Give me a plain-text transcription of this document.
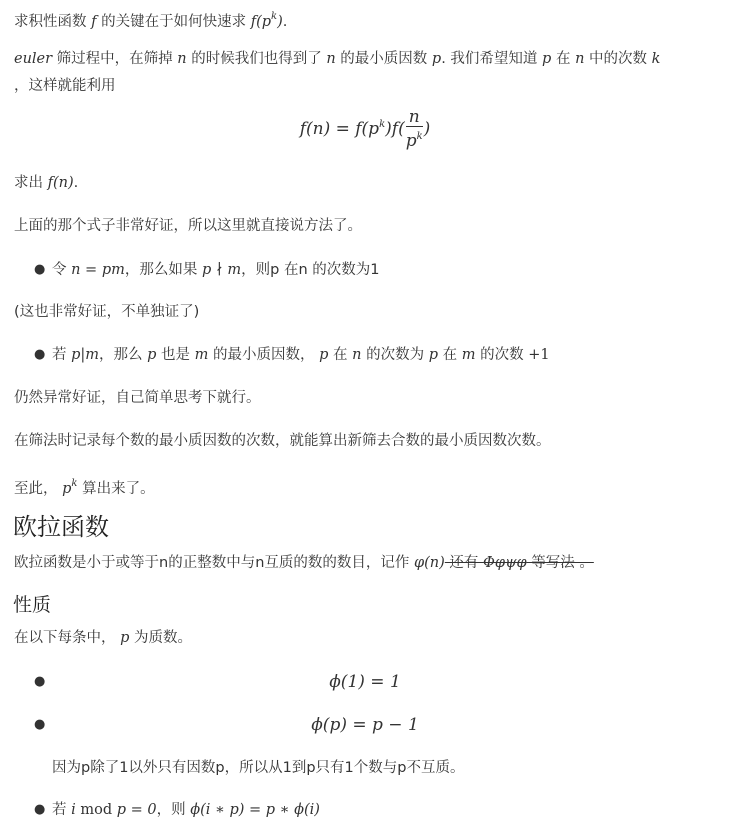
求积性函数 f 的关键在于如何快速求 $f(p^k)$.
euler 筛过程中，在筛掉 n 的时候我们也得到了 n 的最小质因数 p. 我们希望知道 p 在 n 中的次数 k
，这样就能利用
$f(n) = f(p^k)f( \frac{n}{p^k}$ )
求出 f(n).
上面的那个式子非常好证，所以这里就直接说方法了。
● 令 n = pm，那么如果 p ∤ m，则p 在n 的次数为1
(这也非常好证，不单独证了)
● 若 p|m，那么 p 也是 m 的最小质因数， p 在 n 的次数为 p 在 m 的次数 +1
仍然异常好证，自己简单思考下就行。
在筛法时记录每个数的最小质因数的次数，就能算出新筛去合数的最小质因数次数。
至此， $p^k$ 算出来了。
欧拉函数
欧拉函数是小于或等于n的正整数中与n互质的数的数目，记作 φ(n) 还有 Φφψφ 等写法 。
性质
在以下每条中， p 为质数。
●	ϕ(1) = 1
●	ϕ(p) = p − 1
因为p除了1以外只有因数p，所以从1到p只有1个数与p不互质。
● 若 i mod p = 0，则 ϕ(i ∗ p) = p ∗ ϕ(i)
